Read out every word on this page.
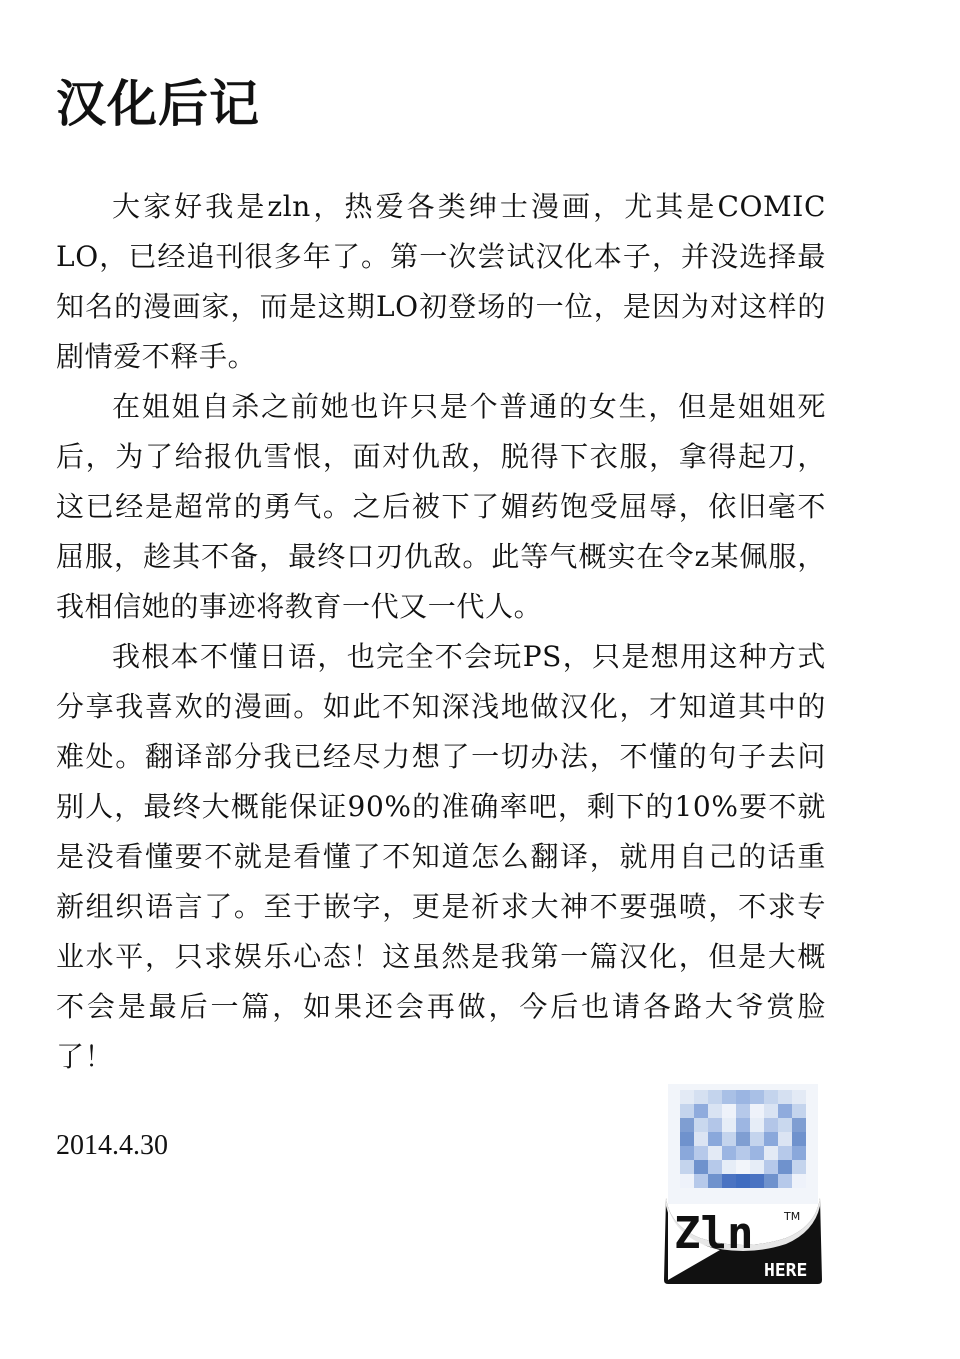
汉化后记

大家好我是zln，热爱各类绅士漫画，尤其是COMIC LO，已经追刊很多年了。第一次尝试汉化本子，并没选择最知名的漫画家，而是这期LO初登场的一位，是因为对这样的剧情爱不释手。

在姐姐自杀之前她也许只是个普通的女生，但是姐姐死后，为了给报仇雪恨，面对仇敌，脱得下衣服，拿得起刀，这已经是超常的勇气。之后被下了媚药饱受屈辱，依旧毫不屈服，趁其不备，最终口刃仇敌。此等气概实在令z某佩服，我相信她的事迹将教育一代又一代人。

我根本不懂日语，也完全不会玩PS，只是想用这种方式分享我喜欢的漫画。如此不知深浅地做汉化，才知道其中的难处。翻译部分我已经尽力想了一切办法，不懂的句子去问别人，最终大概能保证90%的准确率吧，剩下的10%要不就是没看懂要不就是看懂了不知道怎么翻译，就用自己的话重新组织语言了。至于嵌字，更是祈求大神不要强喷，不求专业水平，只求娱乐心态！这虽然是我第一篇汉化，但是大概不会是最后一篇，如果还会再做，今后也请各路大爷赏脸了！

2014.4.30
Zln	TM
HERE
